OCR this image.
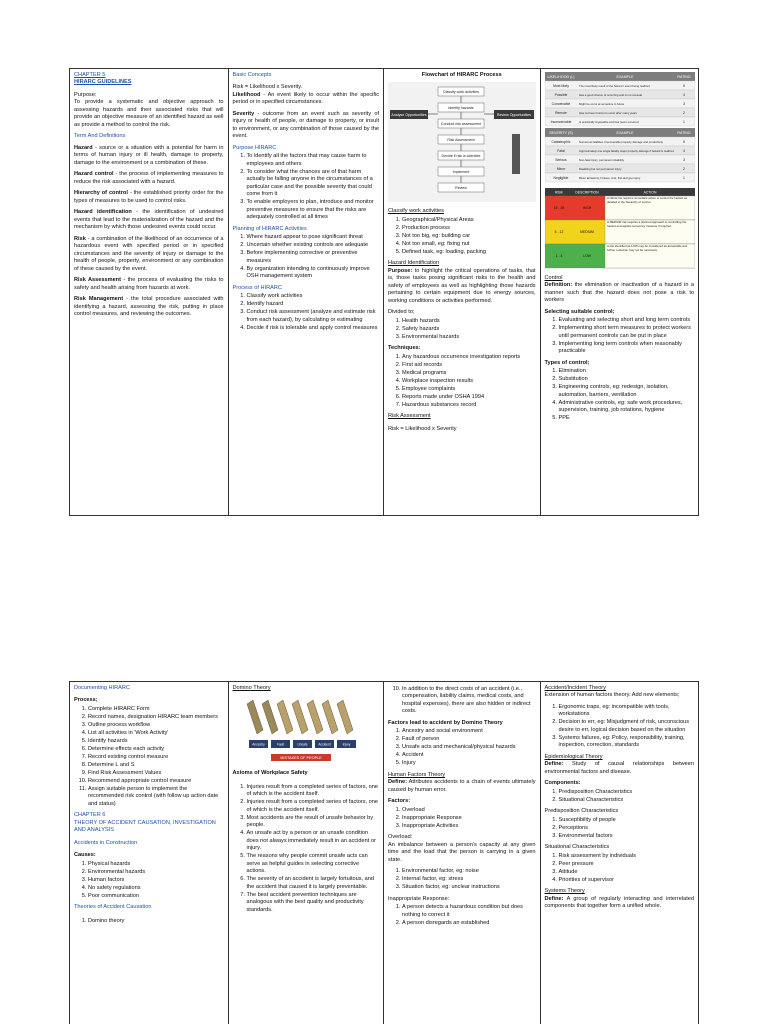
CHAPTER 5
HIRARC GUIDELINES
Purpose:

To provide a systematic and objective approach to assessing hazards and their associated risks that will provide an objective measure of an identified hazard as well as provide a method to control the risk.

Term And Definitions

Hazard - source or a situation with a potential for harm in terms of human injury or ill health, damage to property, damage to the environment or a combination of these.

Hazard control - the process of implementing measures to reduce the risk associated with a hazard.

Hierarchy of control - the established priority order for the types of measures to be used to control risks.

Hazard identification - the identification of undesired events that lead to the materialization of the hazard and the mechanism by which those undesired events could occur.

Risk - a combination of the likelihood of an occurrence of a hazardous event with specified period or in specified circumstances and the severity of injury or damage to the health of people, property, environment or any combination of these caused by the event.

Risk Assessment - the process of evaluating the risks to safety and health arising from hazards at work.

Risk Management - the total procedure associated with identifying a hazard, assessing the risk, putting in place control measures, and reviewing the outcomes.

Basic Concepts
Risk = Likelihood x Severity.

Likelihood - An event likely to occur within the specific period or in specified circumstances.

Severity - outcome from an event such as severity of injury or health of people, or damage to property, or insult to environment, or any combination of those caused by the event.

Purpose HIRARC
1. To identify all the factors that may cause harm to employees and others
2. To consider what the chances are of that harm actually be falling anyone in the circumstances of a particular case and the possible severity that could come from it
3. To enable employers to plan, introduce and monitor preventive measures to ensure that the risks are adequately controlled at all times
Planning of HIRARC Activities
1. Where hazard appear to pose significant threat
2. Uncertain whether existing controls are adequate
3. Before implementing corrective or preventive measures
4. By organization intending to continuously improve OSH management system
Process of HIRARC
1. Classify work activities
2. Identify hazard
3. Conduct risk assessment (analyze and estimate risk from each hazard), by calculating or estimating
4. Decide if risk is tolerable and apply control measures
Flowchart of HIRARC Process
Classify work activities
Identify hazards
Conduct risk assessment
Risk Assessment
Decide if risk is tolerable
Implement
Review
Analyse Opportunities	Review Opportunities
Classify work activities
1. Geographical/Physical Areas
2. Production process
3. Not too big, eg: building car
4. Not too small, eg: fixing nut
5. Defined task, eg: loading, packing
Hazard Identification

Purpose: to highlight the critical operations of tasks, that is, those tasks posing significant risks to the health and safety of employees as well as highlighting those hazards pertaining to certain equipment due to energy sources, working conditions or activities performed.

Divided to;
1. Health hazards
2. Safety hazards
3. Environmental hazards
Techniques:
1. Any hazardous occurrence investigation reports
2. First aid records
3. Medical programs
4. Workplace inspection results
5. Employee complaints
6. Reports made under OSHA 1994
7. Hazardous substances record
Risk Assessment
Risk = Likelihood x Severity
LIKELIHOOD (L)	EXAMPLE	RATING
Most likely	The most likely result of the hazard / event being realized	5
Possible	Has a good chance of occurring and is not unusual	4
Conceivable	Might be occur at sometime in future	3
Remote	Has not been known to occur after many years	2
Inconceivable	Is practically impossible and has never occurred	1
SEVERITY (S)	EXAMPLE	RATING
Catastrophic	Numerous fatalities, irrecoverable property damage and productivity	5
Fatal	Approximately one single fatality major property damage if hazard is realized	4
Serious	Non-fatal injury, permanent disability	3
Minor	Disabling but not permanent injury	2
Negligible	Minor abrasions, bruises, cuts, first aid type injury	1
RISK	DESCRIPTION	ACTION
15 - 25	HIGH
A HIGH risk requires immediate action to control the hazard as detailed in the hierarchy of control.
5 - 12	MEDIUM
A MEDIUM risk requires a planned approach to controlling the hazard and applies temporary measure if required.
1 - 4	LOW
A risk identified as LOW may be considered as acceptable and further reduction may not be necessary.
Control

Definition: the elimination or inactivation of a hazard in a manner such that the hazard does not pose a risk to workers

Selecting suitable control;
1. Evaluating and selecting short and long term controls
2. Implementing short term measures to protect workers until permanent controls can be put in place
3. Implementing long term controls when reasonably practicable
Types of control;
1. Elimination
2. Substitution
3. Engineering controls, eg: redesign, isolation, automation, barriers, ventilation
4. Administrative controls, eg: safe work procedures, supervision, training, job rotations, hygiene
5. PPE
Documenting HIRARC
Process;
1. Complete HIRARC Form
2. Record names, designation HIRARC team members
3. Outline process workflow
4. List all activities in 'Work Activity'
5. Identify hazards
6. Determine effects each activity
7. Record existing control measure
8. Determine L and S
9. Find Risk Assessment Values
10. Recommend appropriate control measure
11. Assign suitable person to implement the recommended risk control (with follow up action date and status)
CHAPTER 6
THEORY OF ACCIDENT CAUSATION, INVESTIGATION AND ANALYSIS
Accidents in Construction
Causes:
1. Physical hazards
2. Environmental hazards
3. Human factors
4. No safety regulations
5. Poor communication
Theories of Accident Causation
1. Domino theory
Domino Theory
Ancestry	Fault	Unsafe	Accident	Injury
MISTAKES OF PEOPLE
Axioms of Workplace Safety
1. Injuries result from a completed series of factors, one of which is the accident itself.
2. Injuries result from a completed series of factors, one of which is the accident itself.
3. Most accidents are the result of unsafe behavior by people.
4. An unsafe act by a person or an unsafe condition does not always immediately result in an accident or injury.
5. The reasons why people commit unsafe acts can serve as helpful guides in selecting corrective actions.
6. The severity of an accident is largely fortuitous, and the accident that caused it is largely preventable.
7. The best accident prevention techniques are analogous with the best quality and productivity standards.
10. In addition to the direct costs of an accident (i.e., compensation, liability claims, medical costs, and hospital expenses), there are also hidden or indirect costs.
Factors lead to accident by Domino Theory
1. Ancestry and social environment
2. Fault of person
3. Unsafe acts and mechanical/physical hazards
4. Accident
5. Injury
Human Factors Theory

Define: Attributes accidents to a chain of events ultimately caused by human error.

Factors:
1. Overload
2. Inappropriate Response
3. Inappropriate Activities
Overload:

An imbalance between a person's capacity at any given time and the load that the person is carrying in a given state.

1. Environmental factor, eg: noise
2. Internal factor, eg: stress
3. Situation factor, eg: unclear instructions
Inappropriate Response:
1. A person detects a hazardous condition but does nothing to correct it
2. A person disregards an established
Accident/Incident Theory

Extension of human factors theory. Add new elements;

1. Ergonomic traps, eg: incompatible with tools, workstations
2. Decision to err, eg: Misjudgment of risk, unconscious desire to err, logical decision based on the situation
3. Systems failures, eg: Policy, responsibility, training, inspection, correction, standards
Epidemiological Theory

Define: Study of causal relationships between environmental factors and disease.

Components:
1. Predisposition Characteristics
2. Situational Characteristics
Predisposition Characteristics
1. Susceptibility of people
2. Perceptions
3. Environmental factors
Situational Characteristics
1. Risk assessment by individuals
2. Peer pressure
3. Attitude
4. Priorities of supervisor
Systems Theory

Define: A group of regularly interacting and interrelated components that together form a unified whole.
